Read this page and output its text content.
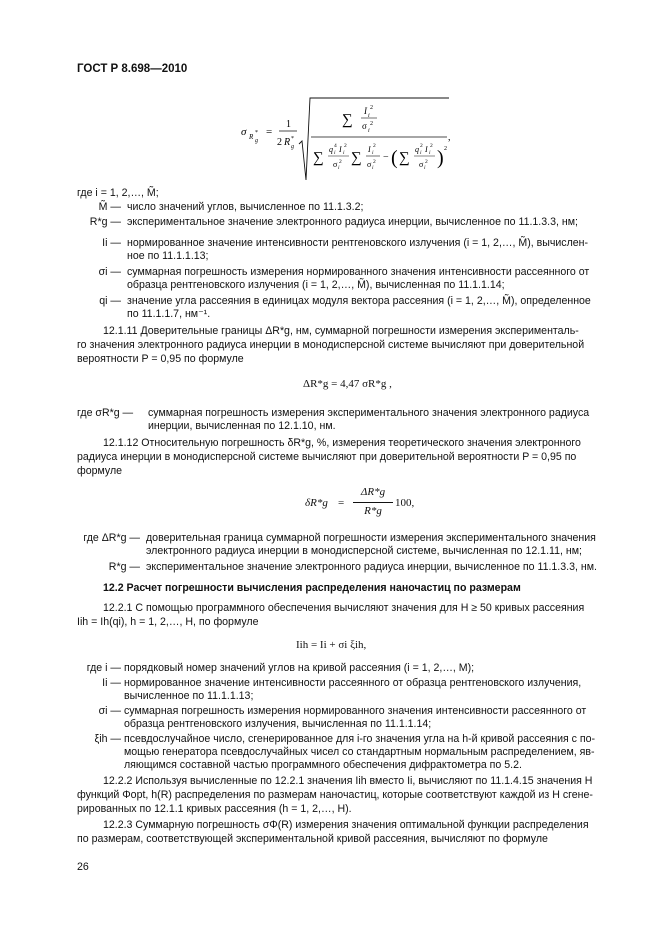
ГОСТ Р 8.698—2010
σ R *
g
=
1
2 R *
g
∑
I i
2
σ i
2
,
∑
q i
4 I i
2
σ i
2 ∑
I i
2
σ i
2 − ( ∑
q i
2 I i
2
σ i
2 ) 2
где i = 1, 2,…, M̃;
M̃ — число значений углов, вычисленное по 11.1.3.2;
R*g — экспериментальное значение электронного радиуса инерции, вычисленное по 11.1.3.3, нм;
Ii — нормированное значение интенсивности рентгеновского излучения (i = 1, 2,…, M̃), вычислен-
ное по 11.1.1.13;
σi — суммарная погрешность измерения нормированного значения интенсивности рассеянного от
образца рентгеновского излучения (i = 1, 2,…, M̃), вычисленная по 11.1.1.14;
qi — значение угла рассеяния в единицах модуля вектора рассеяния (i = 1, 2,…, M̃), определенное
по 11.1.1.7, нм⁻¹.
12.1.11 Доверительные границы ΔR*g, нм, суммарной погрешности измерения эксперименталь-
го значения электронного радиуса инерции в монодисперсной системе вычисляют при доверительной
вероятности P = 0,95 по формуле
ΔR*g = 4,47 σR*g ,
где σR*g — суммарная погрешность измерения экспериментального значения электронного радиуса
инерции, вычисленная по 12.1.10, нм.
12.1.12 Относительную погрешность δR*g, %, измерения теоретического значения электронного
радиуса инерции в монодисперсной системе вычисляют при доверительной вероятности P = 0,95 по
формуле
δR*g =
ΔR*g
R*g
100,
где ΔR*g — доверительная граница суммарной погрешности измерения экспериментального значения
электронного радиуса инерции в монодисперсной системе, вычисленная по 12.1.11, нм;
R*g — экспериментальное значение электронного радиуса инерции, вычисленное по 11.1.3.3, нм.
12.2 Расчет погрешности вычисления распределения наночастиц по размерам
12.2.1 С помощью программного обеспечения вычисляют значения для H ≥ 50 кривых рассеяния
Iih = Ih(qi), h = 1, 2,…, H, по формуле
Iih = Ii + σi ξih,
где i — порядковый номер значений углов на кривой рассеяния (i = 1, 2,…, M);
Ii — нормированное значение интенсивности рассеянного от образца рентгеновского излучения,
вычисленное по 11.1.1.13;
σi — суммарная погрешность измерения нормированного значения интенсивности рассеянного от
образца рентгеновского излучения, вычисленная по 11.1.1.14;
ξih — псевдослучайное число, сгенерированное для i-го значения угла на h-й кривой рассеяния с по-
мощью генератора псевдослучайных чисел со стандартным нормальным распределением, яв-
ляющимся составной частью программного обеспечения дифрактометра по 5.2.
12.2.2 Используя вычисленные по 12.2.1 значения Iih вместо Ii, вычисляют по 11.1.4.15 значения H
функций Φopt, h(R) распределения по размерам наночастиц, которые соответствуют каждой из H сгене-
рированных по 12.1.1 кривых рассеяния (h = 1, 2,…, H).
12.2.3 Суммарную погрешность σΦ(R) измерения значения оптимальной функции распределения
по размерам, соответствующей экспериментальной кривой рассеяния, вычисляют по формуле
26
